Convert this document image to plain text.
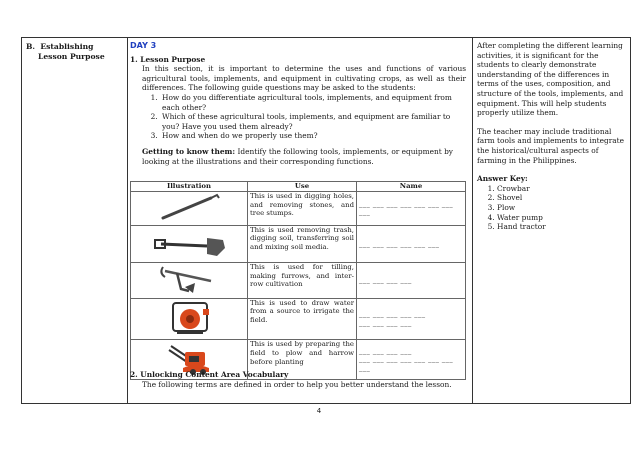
B. Establishing
Lesson Purpose
DAY 3
1. Lesson Purpose
In this section, it is important to determine the uses and functions of various agricultural tools, implements, and equipment in cultivating crops, as well as their differences. The following guide questions may be asked to the students:
1. How do you differentiate agricultural tools, implements, and equipment from each other?
2. Which of these agricultural tools, implements, and equipment are familiar to you? Have you used them already?
3. How and when do we properly use them?
Getting to know them: Identify the following tools, implements, or equipment by looking at the illustrations and their corresponding functions.
Illustration	Use	Name
	This is used in digging holes, and removing stones, and tree stumps.	___ ___ ___ ___ ___ ___ ___ ___
	This is used removing trash, digging soil, transferring soil and mixing soil media.	___ ___ ___ ___ ___ ___
	This is used for tilling, making furrows, and inter-row cultivation	___ ___ ___ ___
	This is used to draw water from a source to irrigate the field.	___ ___ ___ ___ ___
___ ___ ___ ___
	This is used by preparing the field to plow and harrow before planting	___ ___ ___ ___
___ ___ ___ ___ ___ ___ ___ ___
2. Unlocking Content Area Vocabulary
The following terms are defined in order to help you better understand the lesson.
After completing the different learning activities, it is significant for the students to clearly demonstrate understanding of the differences in terms of the uses, composition, and structure of the tools, implements, and equipment. This will help students properly utilize them.
The teacher may include traditional farm tools and implements to integrate the historical/cultural aspects of farming in the Philippines.
Answer Key:
1. Crowbar
2. Shovel
3. Plow
4. Water pump
5. Hand tractor
4
